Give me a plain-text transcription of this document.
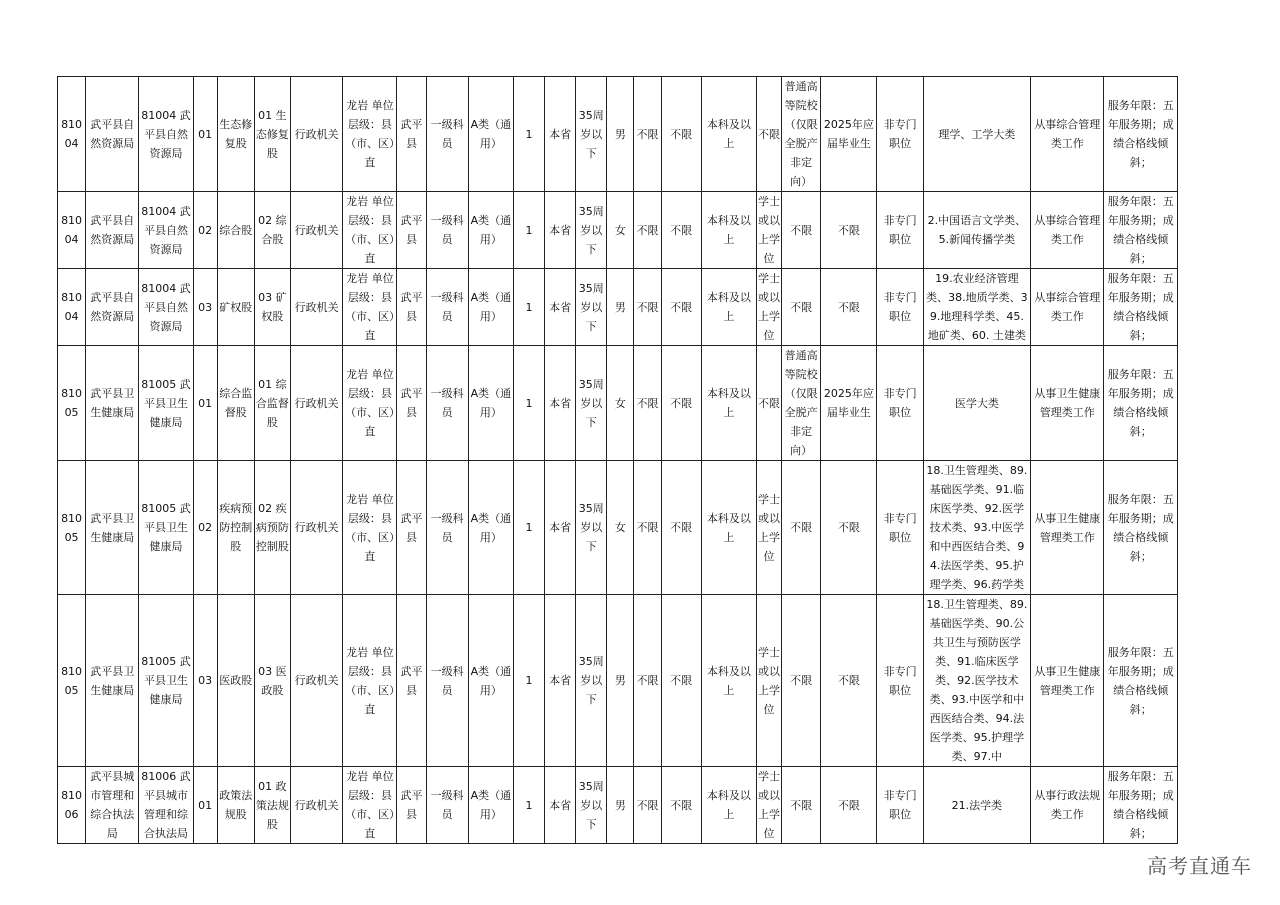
81004	武平县自然资源局	81004 武平县自然资源局	01	生态修复股	01 生态修复股	行政机关	龙岩 单位层级：县（市、区）直	武平县	一级科员	A类（通用）	1	本省	35周岁以下	男	不限	不限	本科及以上	不限	普通高等院校（仅限全脱产非定向）	2025年应届毕业生	非专门职位	理学、工学大类	从事综合管理类工作	服务年限：五年服务期；成绩合格线倾斜；
81004	武平县自然资源局	81004 武平县自然资源局	02	综合股	02 综合股	行政机关	龙岩 单位层级：县（市、区）直	武平县	一级科员	A类（通用）	1	本省	35周岁以下	女	不限	不限	本科及以上	学士或以上学位	不限	不限	非专门职位	2.中国语言文学类、5.新闻传播学类	从事综合管理类工作	服务年限：五年服务期；成绩合格线倾斜；
81004	武平县自然资源局	81004 武平县自然资源局	03	矿权股	03 矿权股	行政机关	龙岩 单位层级：县（市、区）直	武平县	一级科员	A类（通用）	1	本省	35周岁以下	男	不限	不限	本科及以上	学士或以上学位	不限	不限	非专门职位	19.农业经济管理类、38.地质学类、39.地理科学类、45.地矿类、60. 土建类	从事综合管理类工作	服务年限：五年服务期；成绩合格线倾斜；
81005	武平县卫生健康局	81005 武平县卫生健康局	01	综合监督股	01 综合监督股	行政机关	龙岩 单位层级：县（市、区）直	武平县	一级科员	A类（通用）	1	本省	35周岁以下	女	不限	不限	本科及以上	不限	普通高等院校（仅限全脱产非定向）	2025年应届毕业生	非专门职位	医学大类	从事卫生健康管理类工作	服务年限：五年服务期；成绩合格线倾斜；
81005	武平县卫生健康局	81005 武平县卫生健康局	02	疾病预防控制股	02 疾病预防控制股	行政机关	龙岩 单位层级：县（市、区）直	武平县	一级科员	A类（通用）	1	本省	35周岁以下	女	不限	不限	本科及以上	学士或以上学位	不限	不限	非专门职位	18.卫生管理类、89.基础医学类、91.临床医学类、92.医学技术类、93.中医学和中西医结合类、94.法医学类、95.护理学类、96.药学类	从事卫生健康管理类工作	服务年限：五年服务期；成绩合格线倾斜；
81005	武平县卫生健康局	81005 武平县卫生健康局	03	医政股	03 医政股	行政机关	龙岩 单位层级：县（市、区）直	武平县	一级科员	A类（通用）	1	本省	35周岁以下	男	不限	不限	本科及以上	学士或以上学位	不限	不限	非专门职位	18.卫生管理类、89.基础医学类、90.公共卫生与预防医学类、91.临床医学类、92.医学技术类、93.中医学和中西医结合类、94.法医学类、95.护理学类、97.中	从事卫生健康管理类工作	服务年限：五年服务期；成绩合格线倾斜；
81006	武平县城市管理和综合执法局	81006 武平县城市管理和综合执法局	01	政策法规股	01 政策法规股	行政机关	龙岩 单位层级：县（市、区）直	武平县	一级科员	A类（通用）	1	本省	35周岁以下	男	不限	不限	本科及以上	学士或以上学位	不限	不限	非专门职位	21.法学类	从事行政法规类工作	服务年限：五年服务期；成绩合格线倾斜；
高考直通车
